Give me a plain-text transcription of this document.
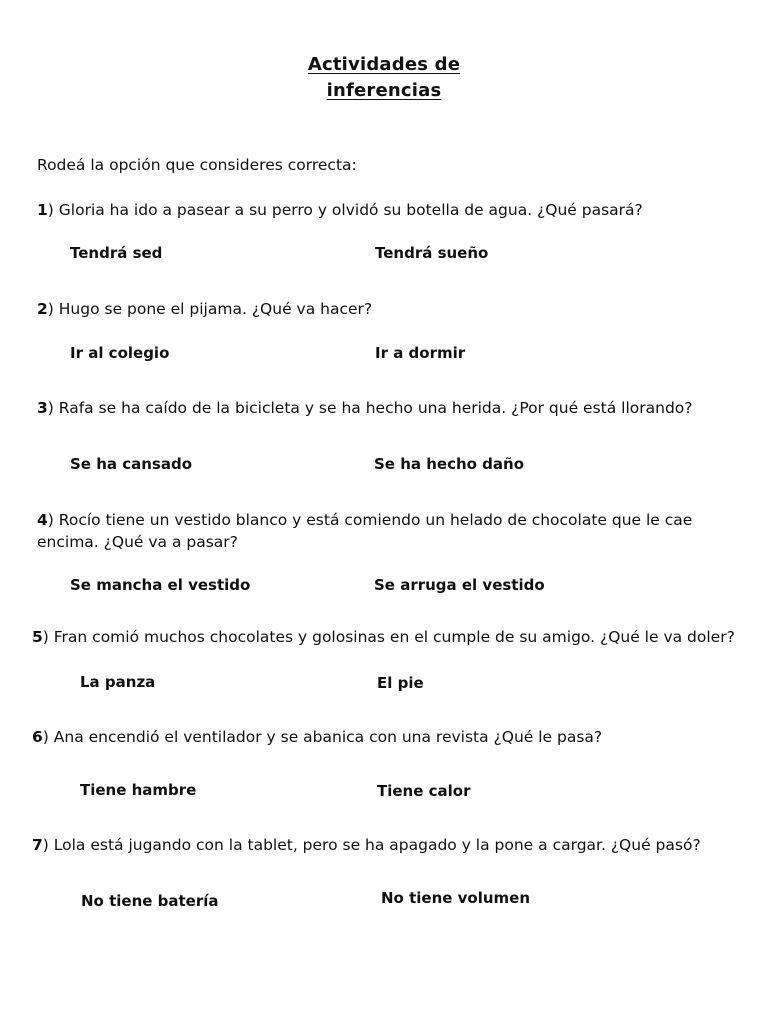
Actividades de
inferencias
Rodeá la opción que consideres correcta:
1) Gloria ha ido a pasear a su perro y olvidó su botella de agua. ¿Qué pasará?
Tendrá sed	Tendrá sueño
2) Hugo se pone el pijama. ¿Qué va hacer?
Ir al colegio	Ir a dormir
3) Rafa se ha caído de la bicicleta y se ha hecho una herida. ¿Por qué está llorando?
Se ha cansado	Se ha hecho daño
4) Rocío tiene un vestido blanco y está comiendo un helado de chocolate que le cae
encima. ¿Qué va a pasar?
Se mancha el vestido	Se arruga el vestido
5) Fran comió muchos chocolates y golosinas en el cumple de su amigo. ¿Qué le va doler?
La panza	El pie
6) Ana encendió el ventilador y se abanica con una revista ¿Qué le pasa?
Tiene hambre	Tiene calor
7) Lola está jugando con la tablet, pero se ha apagado y la pone a cargar. ¿Qué pasó?
No tiene batería	No tiene volumen
